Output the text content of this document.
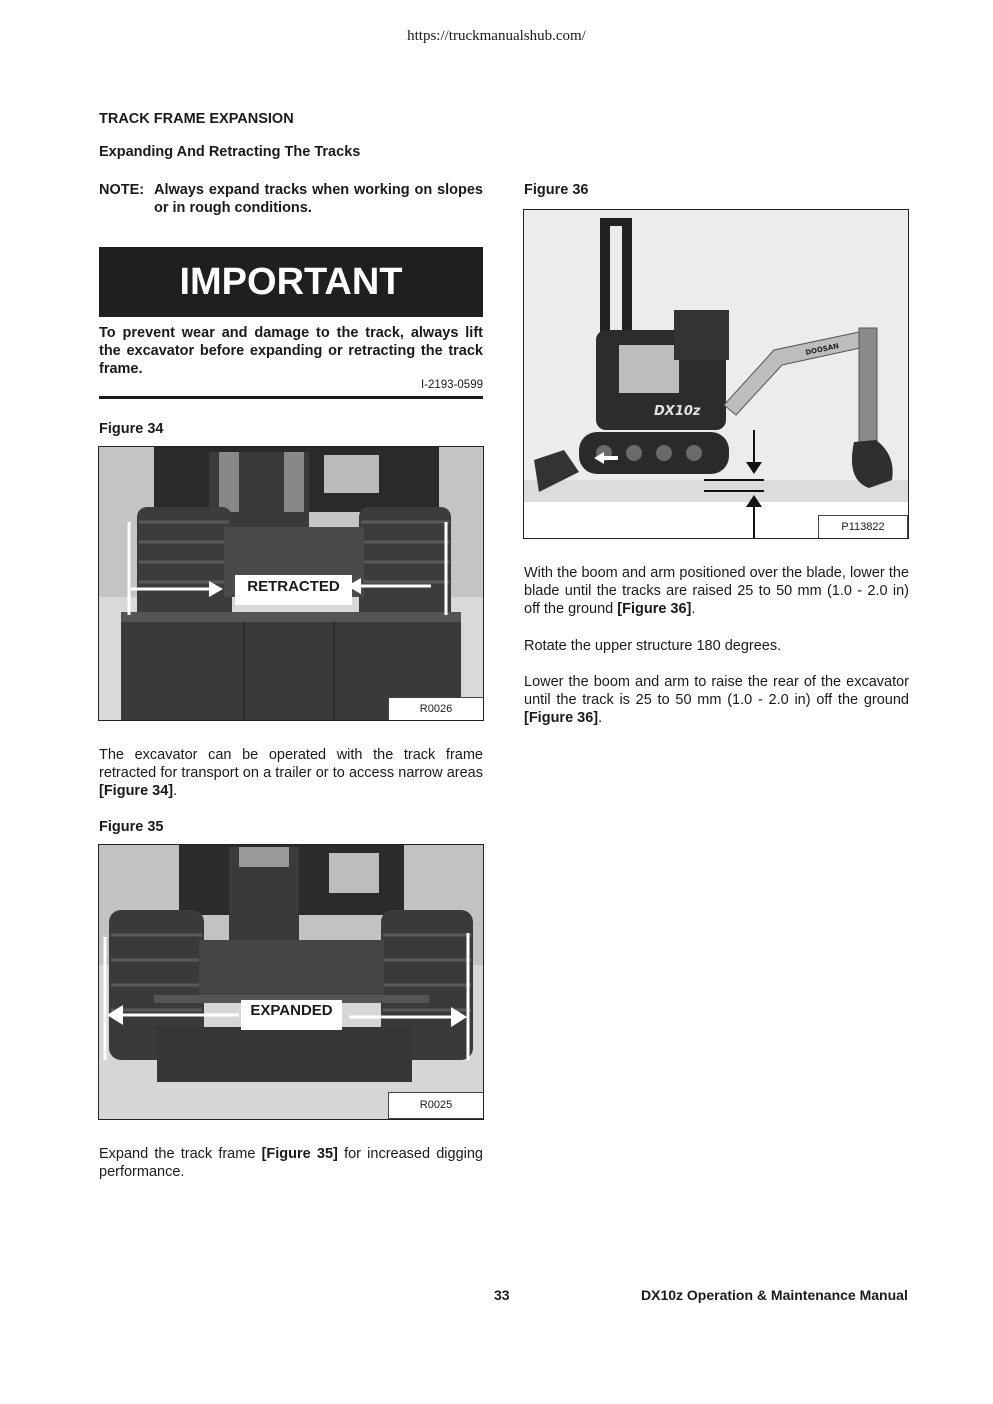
https://truckmanualshub.com/
TRACK FRAME EXPANSION
Expanding And Retracting The Tracks
NOTE: Always expand tracks when working on slopes or in rough conditions.
IMPORTANT
To prevent wear and damage to the track, always lift the excavator before expanding or retracting the track frame.
I-2193-0599
Figure 34
RETRACTED
R0026
The excavator can be operated with the track frame retracted for transport on a trailer or to access narrow areas [Figure 34].
Figure 35
EXPANDED
R0025
Expand the track frame [Figure 35] for increased digging performance.
Figure 36
DX10z
DOOSAN
P113822
With the boom and arm positioned over the blade, lower the blade until the tracks are raised 25 to 50 mm (1.0 - 2.0 in) off the ground [Figure 36].
Rotate the upper structure 180 degrees.
Lower the boom and arm to raise the rear of the excavator until the track is 25 to 50 mm (1.0 - 2.0 in) off the ground [Figure 36].
33	DX10z Operation & Maintenance Manual
